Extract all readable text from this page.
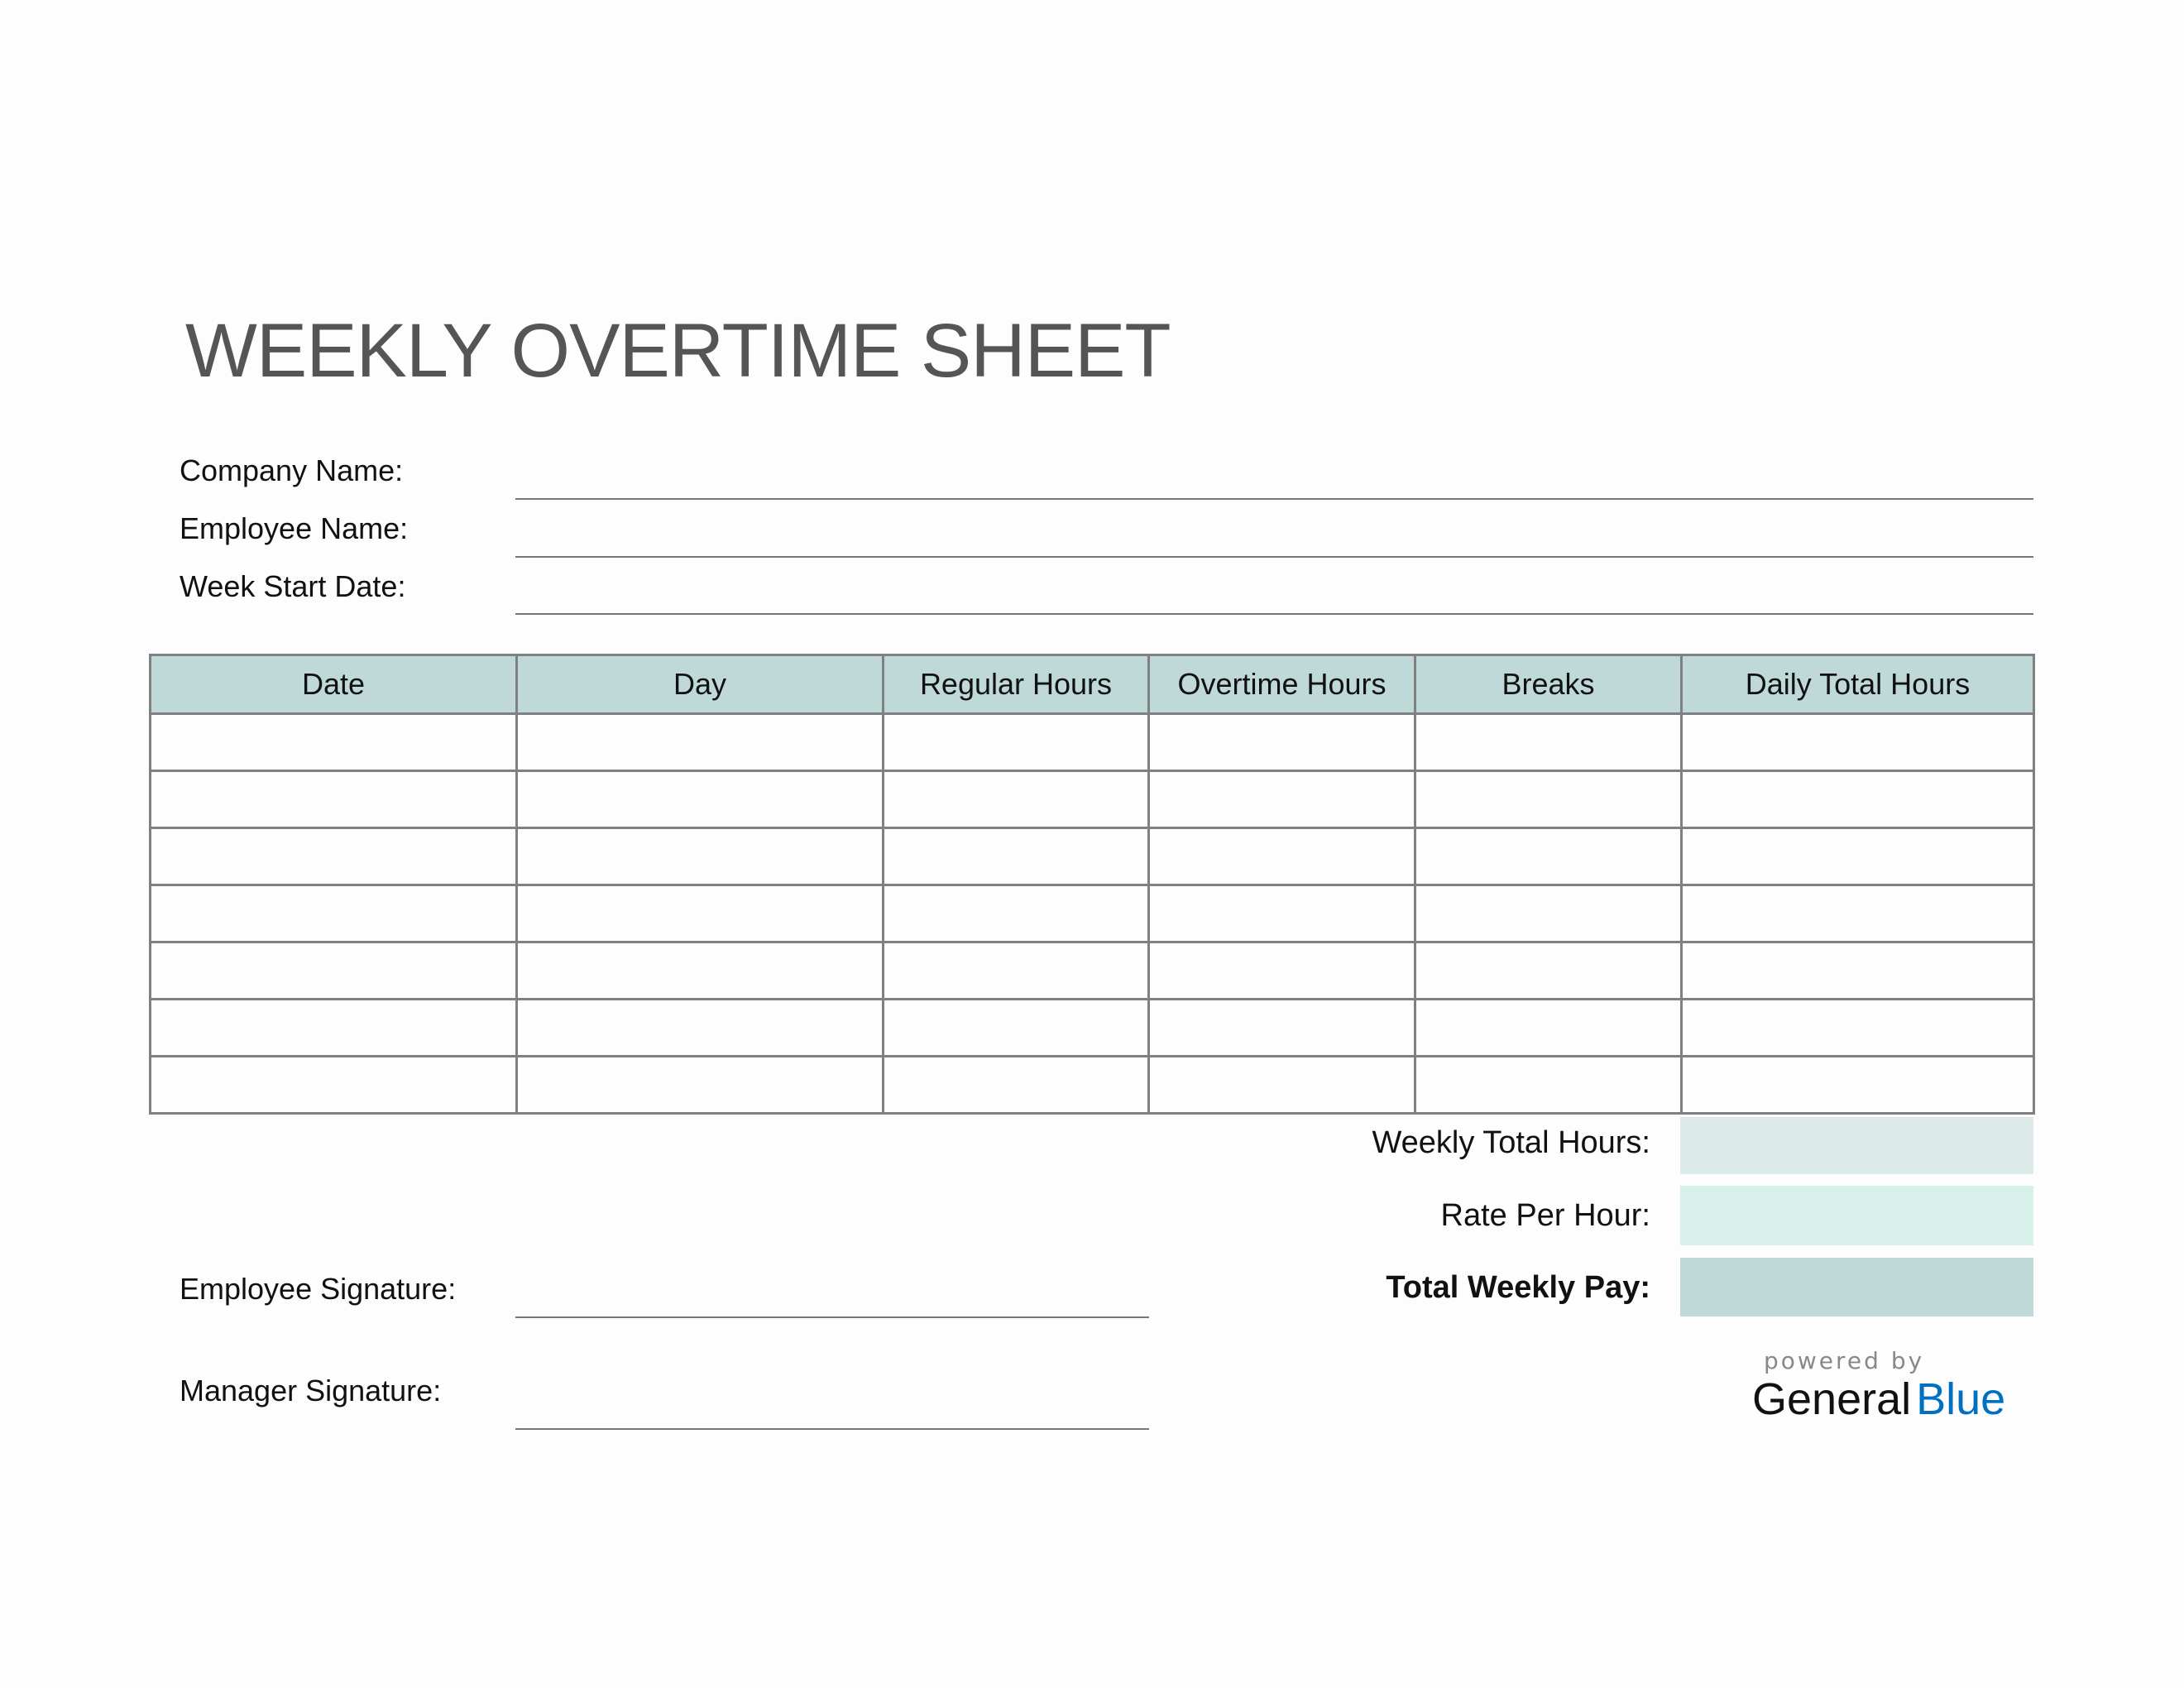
WEEKLY OVERTIME SHEET
Company Name:
Employee Name:
Week Start Date:
Date	Day	Regular Hours	Overtime Hours	Breaks	Daily Total Hours

Weekly Total Hours:
Rate Per Hour:
Total Weekly Pay:
Employee Signature:
Manager Signature:
powered by
General Blue
